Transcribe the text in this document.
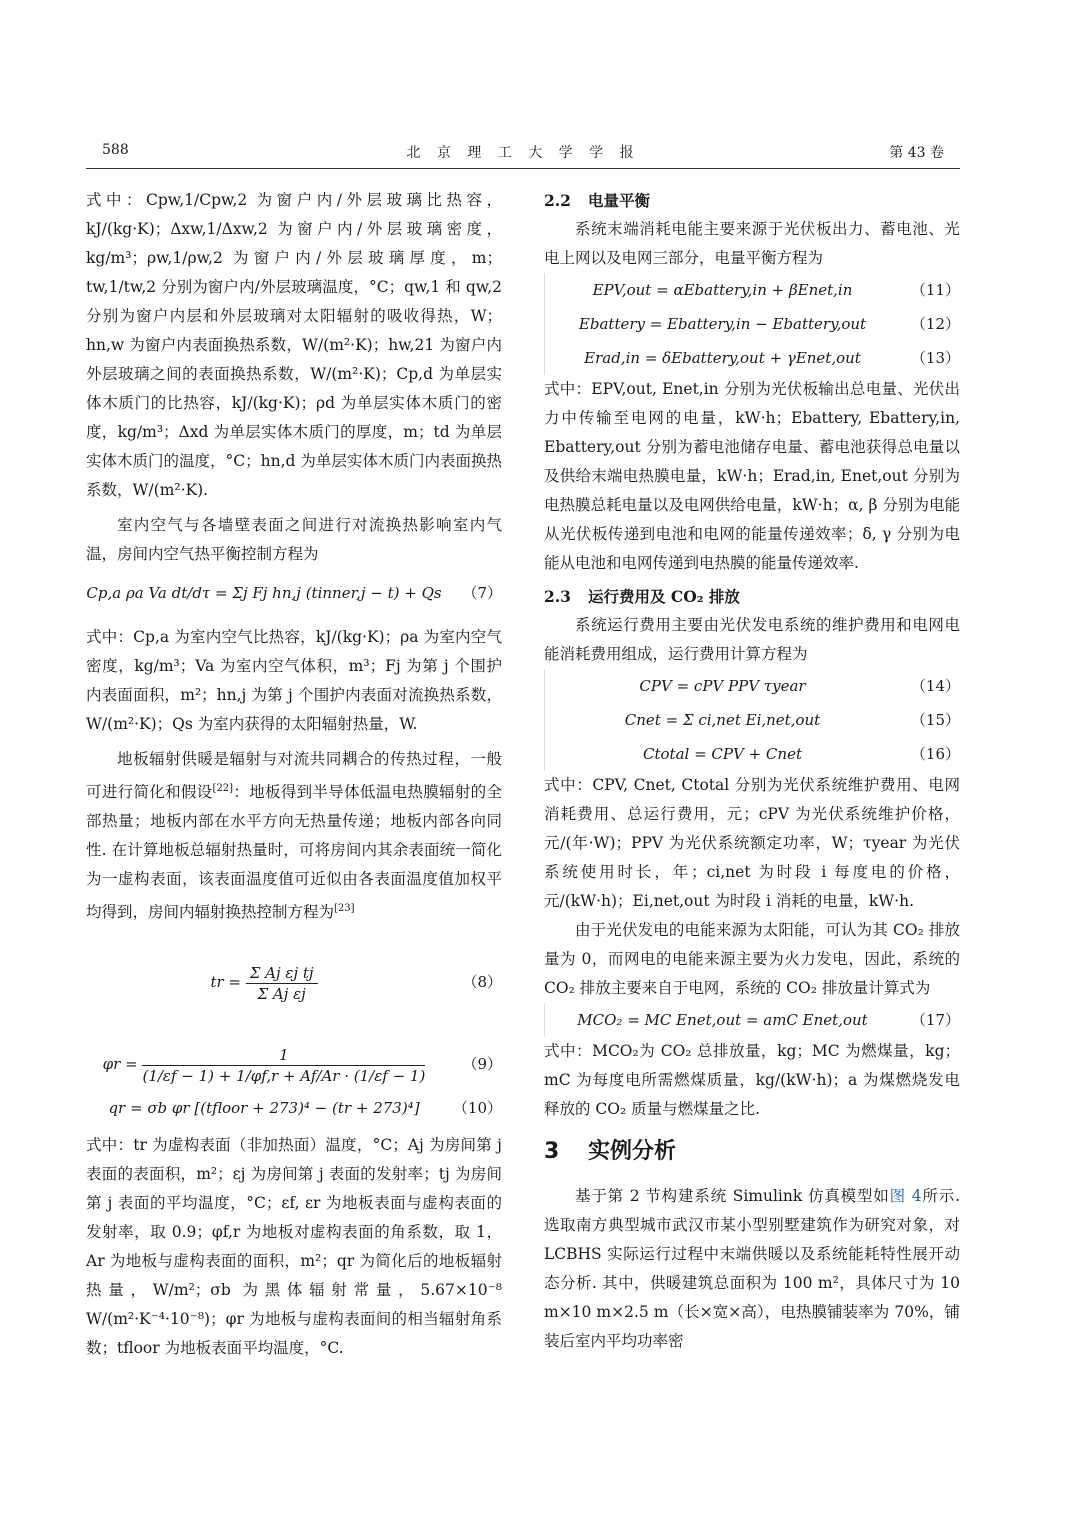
588	北 京 理 工 大 学 学 报	第 43 卷

式中：Cpw,1/Cpw,2 为窗户内/外层玻璃比热容，kJ/(kg·K)；Δxw,1/Δxw,2 为窗户内/外层玻璃密度，kg/m³；ρw,1/ρw,2 为窗户内/外层玻璃厚度，m；tw,1/tw,2 分别为窗户内/外层玻璃温度，°C；qw,1 和 qw,2 分别为窗户内层和外层玻璃对太阳辐射的吸收得热，W；hn,w 为窗户内表面换热系数，W/(m²·K)；hw,21 为窗户内外层玻璃之间的表面换热系数，W/(m²·K)；Cp,d 为单层实体木质门的比热容，kJ/(kg·K)；ρd 为单层实体木质门的密度，kg/m³；Δxd 为单层实体木质门的厚度，m；td 为单层实体木质门的温度，°C；hn,d 为单层实体木质门内表面换热系数，W/(m²·K).

室内空气与各墙壁表面之间进行对流换热影响室内气温，房间内空气热平衡控制方程为

Cp,a ρa Va dt/dτ = Σj Fj hn,j (tinner,j − t) + Qs （7）

式中：Cp,a 为室内空气比热容，kJ/(kg·K)；ρa 为室内空气密度，kg/m³；Va 为室内空气体积，m³；Fj 为第 j 个围护内表面面积，m²；hn,j 为第 j 个围护内表面对流换热系数，W/(m²·K)；Qs 为室内获得的太阳辐射热量，W.

地板辐射供暖是辐射与对流共同耦合的传热过程，一般可进行简化和假设[22]：地板得到半导体低温电热膜辐射的全部热量；地板内部在水平方向无热量传递；地板内部各向同性. 在计算地板总辐射热量时，可将房间内其余表面统一简化为一虚构表面，该表面温度值可近似由各表面温度值加权平均得到，房间内辐射换热控制方程为[23]

tr = $\frac{\text{Σ Aj εj tj}}{\text{Σ Aj εj}}$	（8）
$\varphi r = \frac{1}{(1/\varepsilon f - 1) + 1/\varphi f,r + Af/Ar \cdot (1/\varepsilon f - 1)} (9)$
qr = σb φr [(tfloor + 273)⁴ − (tr + 273)⁴]	（10）

式中：tr 为虚构表面（非加热面）温度，°C；Aj 为房间第 j 表面的表面积，m²；εj 为房间第 j 表面的发射率；tj 为房间第 j 表面的平均温度，°C；εf, εr 为地板表面与虚构表面的发射率，取 0.9；φf,r 为地板对虚构表面的角系数，取 1，Ar 为地板与虚构表面的面积，m²；qr 为简化后的地板辐射热量，W/m²；σb 为黑体辐射常量，5.67×10⁻⁸ W/(m²·K⁻⁴·10⁻⁸)；φr 为地板与虚构表面间的相当辐射角系数；tfloor 为地板表面平均温度，°C.

2.2 电量平衡

系统末端消耗电能主要来源于光伏板出力、蓄电池、光电上网以及电网三部分，电量平衡方程为

EPV,out = αEbattery,in + βEnet,in	（11）
Ebattery = Ebattery,in − Ebattery,out	（12）
Erad,in = δEbattery,out + γEnet,out	（13）

式中：EPV,out, Enet,in 分别为光伏板输出总电量、光伏出力中传输至电网的电量，kW·h；Ebattery, Ebattery,in, Ebattery,out 分别为蓄电池储存电量、蓄电池获得总电量以及供给末端电热膜电量，kW·h；Erad,in, Enet,out 分别为电热膜总耗电量以及电网供给电量，kW·h；α, β 分别为电能从光伏板传递到电池和电网的能量传递效率；δ, γ 分别为电能从电池和电网传递到电热膜的能量传递效率.

2.3 运行费用及 CO₂ 排放

系统运行费用主要由光伏发电系统的维护费用和电网电能消耗费用组成，运行费用计算方程为

CPV = cPV PPV τyear	（14）
Cnet = Σ ci,net Ei,net,out	（15）
Ctotal = CPV + Cnet	（16）

式中：CPV, Cnet, Ctotal 分别为光伏系统维护费用、电网消耗费用、总运行费用，元；cPV 为光伏系统维护价格，元/(年·W)；PPV 为光伏系统额定功率，W；τyear 为光伏系统使用时长，年；ci,net 为时段 i 每度电的价格，元/(kW·h)；Ei,net,out 为时段 i 消耗的电量，kW·h.

由于光伏发电的电能来源为太阳能，可认为其 CO₂ 排放量为 0，而网电的电能来源主要为火力发电，因此，系统的 CO₂ 排放主要来自于电网，系统的 CO₂ 排放量计算式为

MCO₂ = MC Enet,out = amC Enet,out	（17）

式中：MCO₂为 CO₂ 总排放量，kg；MC 为燃煤量，kg；mC 为每度电所需燃煤质量，kg/(kW·h)；a 为煤燃烧发电释放的 CO₂ 质量与燃煤量之比.

3 实例分析

基于第 2 节构建系统 Simulink 仿真模型如图 4所示. 选取南方典型城市武汉市某小型别墅建筑作为研究对象，对 LCBHS 实际运行过程中末端供暖以及系统能耗特性展开动态分析. 其中，供暖建筑总面积为 100 m²，具体尺寸为 10 m×10 m×2.5 m（长×宽×高），电热膜铺装率为 70%，铺装后室内平均功率密
